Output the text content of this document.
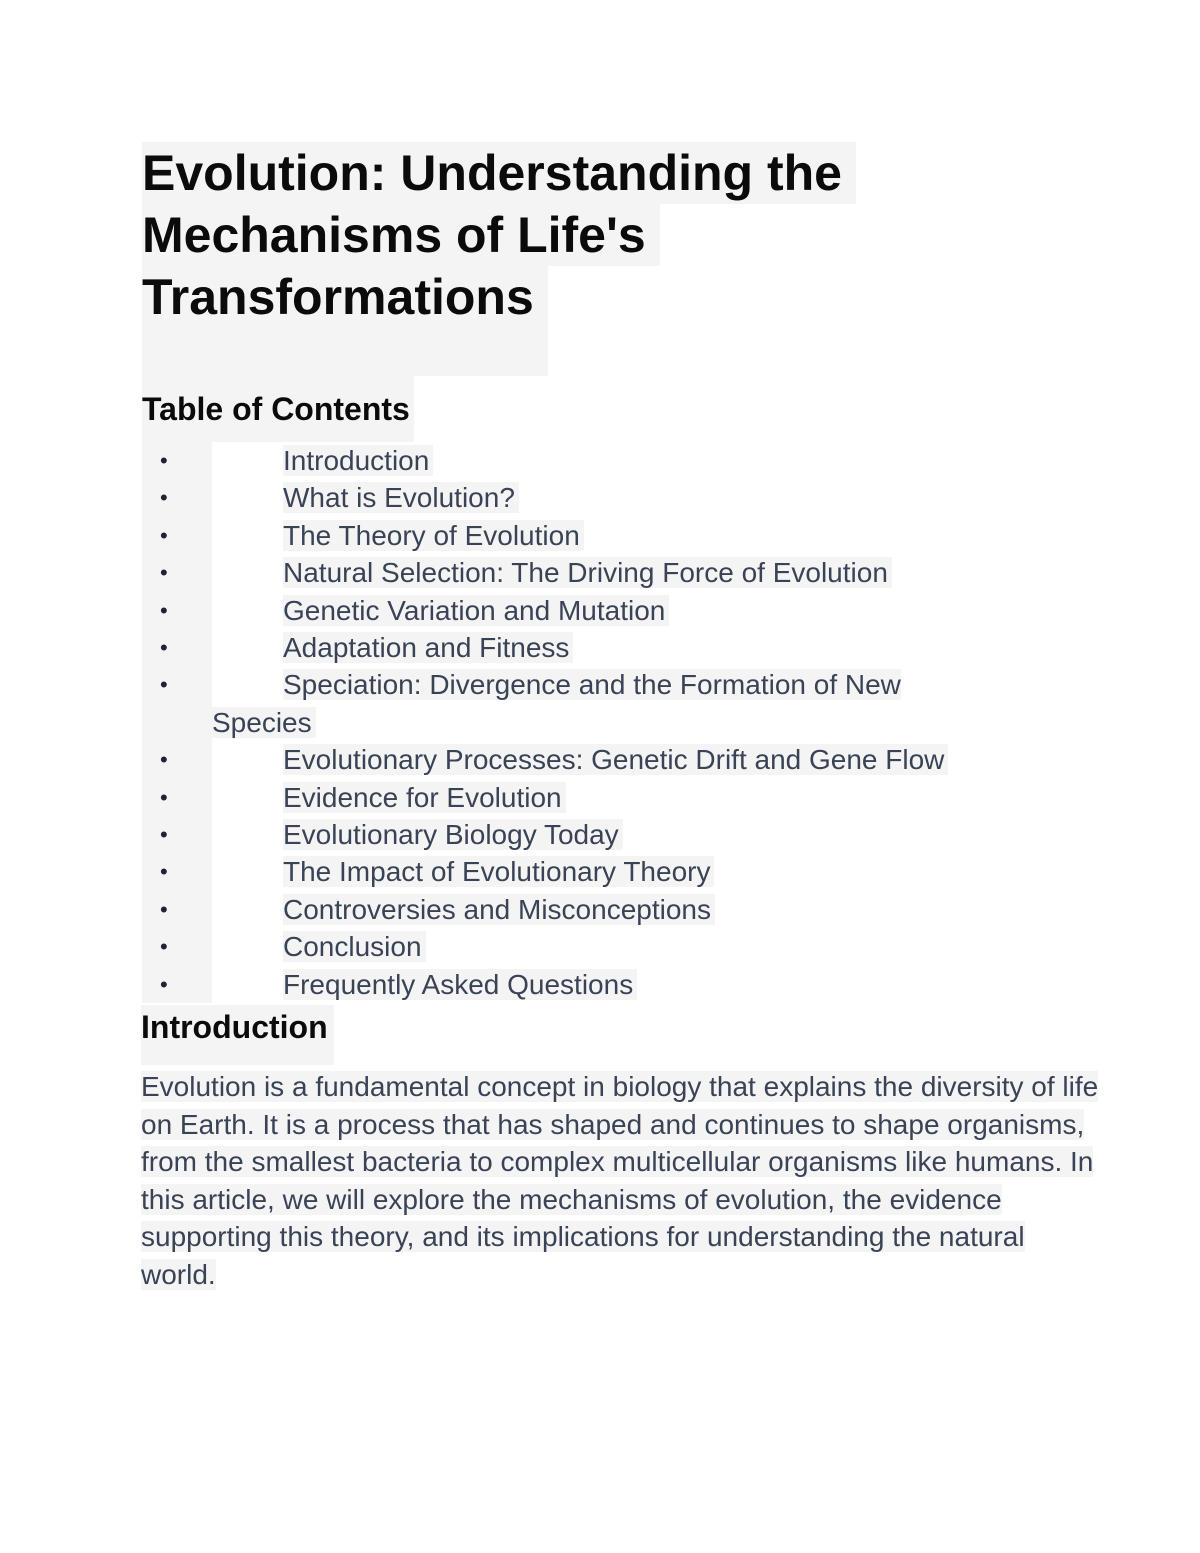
Evolution: Understanding the
Mechanisms of Life's
Transformations
Table of Contents
•	Introduction
•	What is Evolution?
•	The Theory of Evolution
•	Natural Selection: The Driving Force of Evolution
•	Genetic Variation and Mutation
•	Adaptation and Fitness
•	Speciation: Divergence and the Formation of New Species
•	Evolutionary Processes: Genetic Drift and Gene Flow
•	Evidence for Evolution
•	Evolutionary Biology Today
•	The Impact of Evolutionary Theory
•	Controversies and Misconceptions
•	Conclusion
•	Frequently Asked Questions
Introduction

Evolution is a fundamental concept in biology that explains the diversity of life on Earth. It is a process that has shaped and continues to shape organisms, from the smallest bacteria to complex multicellular organisms like humans. In this article, we will explore the mechanisms of evolution, the evidence supporting this theory, and its implications for understanding the natural world.
